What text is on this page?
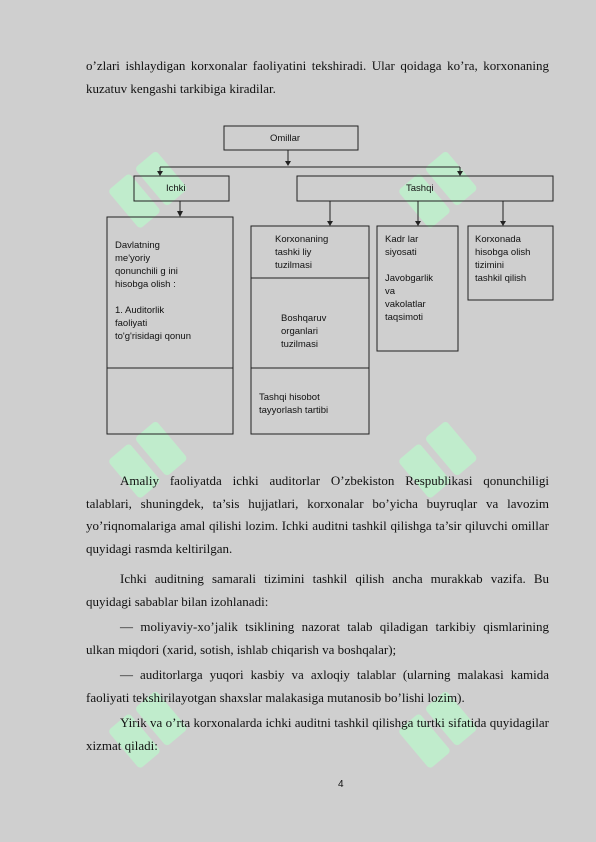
o’zlari ishlaydigan korxonalar faoliyatini tekshiradi. Ular qoidaga ko’ra, korxonaning kuzatuv kengashi tarkibiga kiradilar.

Omillar
Ichki	Tashqi
Davlatning
me'yoriy
qonunchili g ini
hisobga olish :

1. Auditorlik
faoliyati
to'g'risidagi qonun
Korxonaning
tashki liy
tuzilmasi
Boshqaruv
organlari
tuzilmasi
Tashqi hisobot
tayyorlash tartibi
Kadr lar
siyosati

Javobgarlik
va
vakolatlar
taqsimoti
Korxonada
hisobga olish
tizimini
tashkil qilish

Amaliy faoliyatda ichki auditorlar O’zbekiston Respublikasi qonunchiligi talablari, shuningdek, ta’sis hujjatlari, korxonalar bo’yicha buyruqlar va lavozim yo’riqnomalariga amal qilishi lozim. Ichki auditni tashkil qilishga ta’sir qiluvchi omillar quyidagi rasmda keltirilgan.

Ichki auditning samarali tizimini tashkil qilish ancha murakkab vazifa. Bu quyidagi sabablar bilan izohlanadi:

— moliyaviy-xo’jalik tsiklining nazorat talab qiladigan tarkibiy qismlarining ulkan miqdori (xarid, sotish, ishlab chiqarish va boshqalar);

— auditorlarga yuqori kasbiy va axloqiy talablar (ularning malakasi kamida faoliyati tekshirilayotgan shaxslar malakasiga mutanosib bo’lishi lozim).

Yirik va o’rta korxonalarda ichki auditni tashkil qilishga turtki sifatida quyidagilar xizmat qiladi:

4
